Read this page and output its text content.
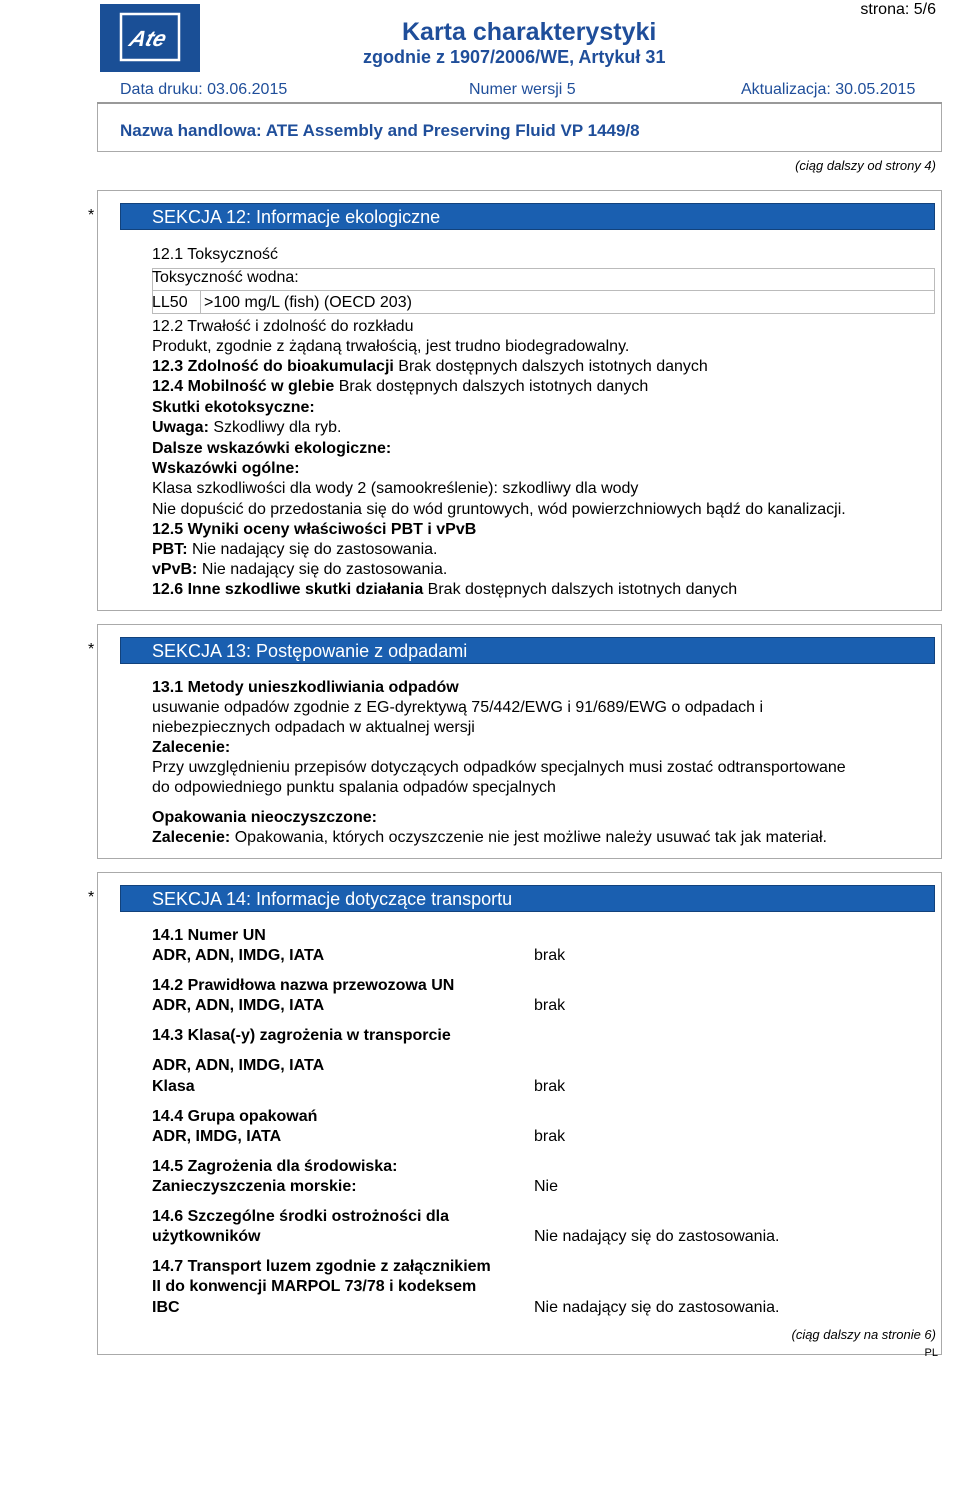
Ate
strona: 5/6
Karta charakterystyki
zgodnie z 1907/2006/WE, Artykuł 31
Data druku: 03.06.2015	Numer wersji 5	Aktualizacja: 30.05.2015
Nazwa handlowa: ATE Assembly and Preserving Fluid VP 1449/8
(ciąg dalszy od strony 4)
*	SEKCJA 12: Informacje ekologiczne
12.1 Toksyczność
Toksyczność wodna:
LL50 >100 mg/L (fish) (OECD 203)
12.2 Trwałość i zdolność do rozkładu
Produkt, zgodnie z żądaną trwałością, jest trudno biodegradowalny.
12.3 Zdolność do bioakumulacji Brak dostępnych dalszych istotnych danych
12.4 Mobilność w glebie Brak dostępnych dalszych istotnych danych
Skutki ekotoksyczne:
Uwaga: Szkodliwy dla ryb.
Dalsze wskazówki ekologiczne:
Wskazówki ogólne:
Klasa szkodliwości dla wody 2 (samookreślenie): szkodliwy dla wody
Nie dopuścić do przedostania się do wód gruntowych, wód powierzchniowych bądź do kanalizacji.
12.5 Wyniki oceny właściwości PBT i vPvB
PBT: Nie nadający się do zastosowania.
vPvB: Nie nadający się do zastosowania.
12.6 Inne szkodliwe skutki działania Brak dostępnych dalszych istotnych danych
*	SEKCJA 13: Postępowanie z odpadami
13.1 Metody unieszkodliwiania odpadów
usuwanie odpadów zgodnie z EG-dyrektywą 75/442/EWG i 91/689/EWG o odpadach i
niebezpiecznych odpadach w aktualnej wersji
Zalecenie:
Przy uwzględnieniu przepisów dotyczących odpadków specjalnych musi zostać odtransportowane
do odpowiedniego punktu spalania odpadów specjalnych
Opakowania nieoczyszczone:
Zalecenie: Opakowania, których oczyszczenie nie jest możliwe należy usuwać tak jak materiał.
*	SEKCJA 14: Informacje dotyczące transportu
14.1 Numer UN
ADR, ADN, IMDG, IATA	brak
14.2 Prawidłowa nazwa przewozowa UN
ADR, ADN, IMDG, IATA	brak
14.3 Klasa(-y) zagrożenia w transporcie
ADR, ADN, IMDG, IATA
Klasa	brak
14.4 Grupa opakowań
ADR, IMDG, IATA	brak
14.5 Zagrożenia dla środowiska:
Zanieczyszczenia morskie:	Nie
14.6 Szczególne środki ostrożności dla
użytkowników	Nie nadający się do zastosowania.
14.7 Transport luzem zgodnie z załącznikiem
II do konwencji MARPOL 73/78 i kodeksem
IBC	Nie nadający się do zastosowania.
(ciąg dalszy na stronie 6)
PL
